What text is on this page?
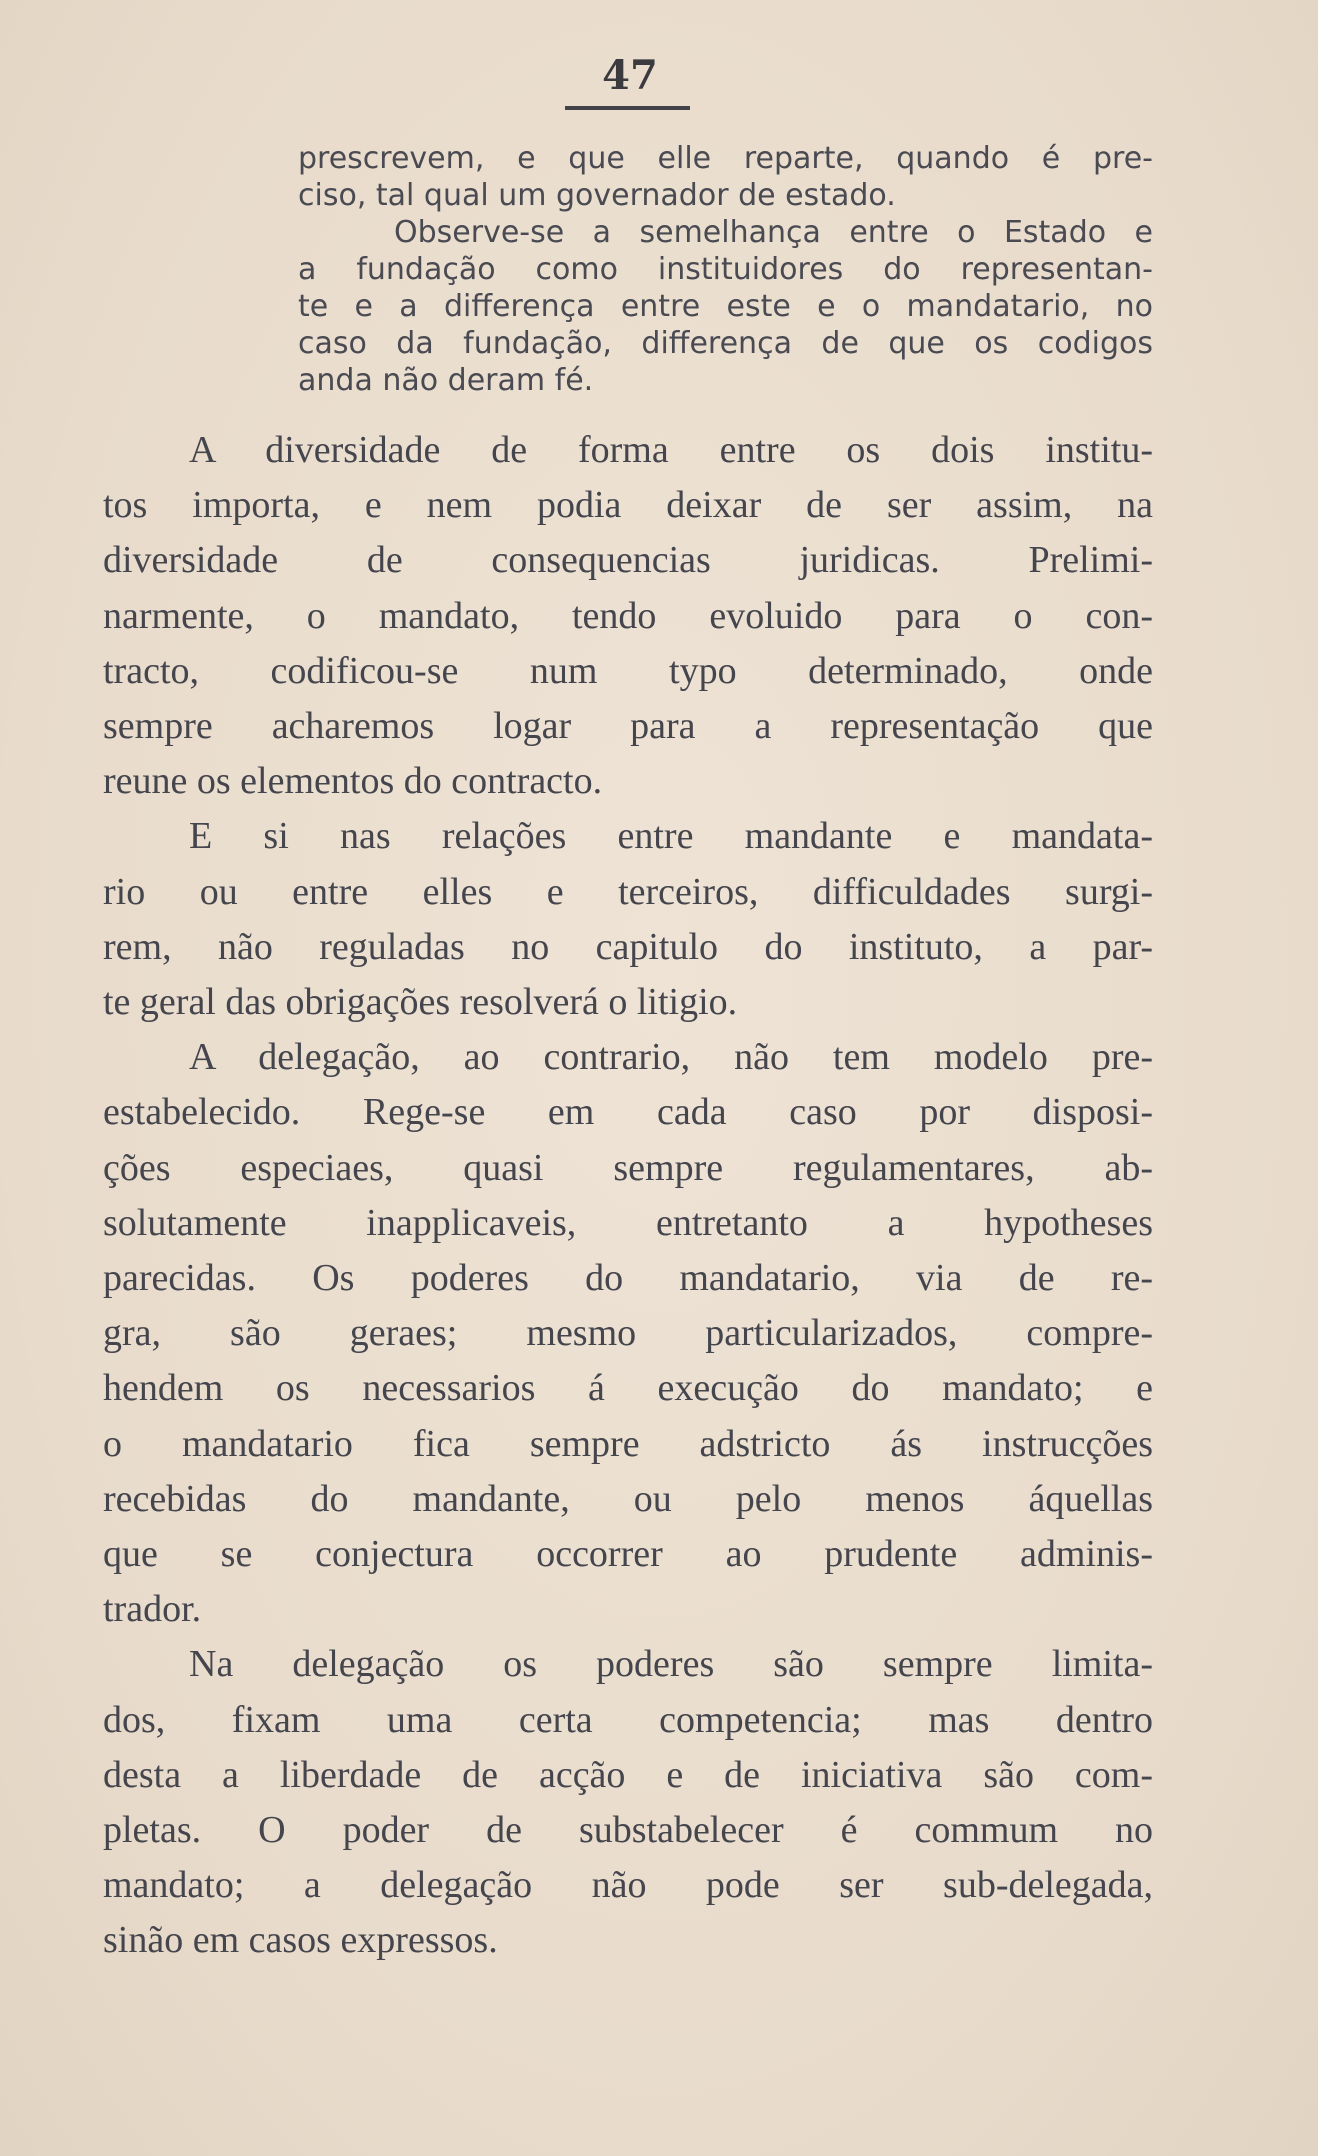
47
prescrevem, e que elle reparte, quando é pre-
ciso, tal qual um governador de estado.
Observe-se a semelhança entre o Estado e
a fundação como instituidores do representan-
te e a differença entre este e o mandatario, no
caso da fundação, differença de que os codigos
anda não deram fé.
A diversidade de forma entre os dois institu-
tos importa, e nem podia deixar de ser assim, na
diversidade de consequencias juridicas. Prelimi-
narmente, o mandato, tendo evoluido para o con-
tracto, codificou-se num typo determinado, onde
sempre acharemos logar para a representação que
reune os elementos do contracto.
E si nas relações entre mandante e mandata-
rio ou entre elles e terceiros, difficuldades surgi-
rem, não reguladas no capitulo do instituto, a par-
te geral das obrigações resolverá o litigio.
A delegação, ao contrario, não tem modelo pre-
estabelecido. Rege-se em cada caso por disposi-
ções especiaes, quasi sempre regulamentares, ab-
solutamente inapplicaveis, entretanto a hypotheses
parecidas. Os poderes do mandatario, via de re-
gra, são geraes; mesmo particularizados, compre-
hendem os necessarios á execução do mandato; e
o mandatario fica sempre adstricto ás instrucções
recebidas do mandante, ou pelo menos áquellas
que se conjectura occorrer ao prudente adminis-
trador.
Na delegação os poderes são sempre limita-
dos, fixam uma certa competencia; mas dentro
desta a liberdade de acção e de iniciativa são com-
pletas. O poder de substabelecer é commum no
mandato; a delegação não pode ser sub-delegada,
sinão em casos expressos.
